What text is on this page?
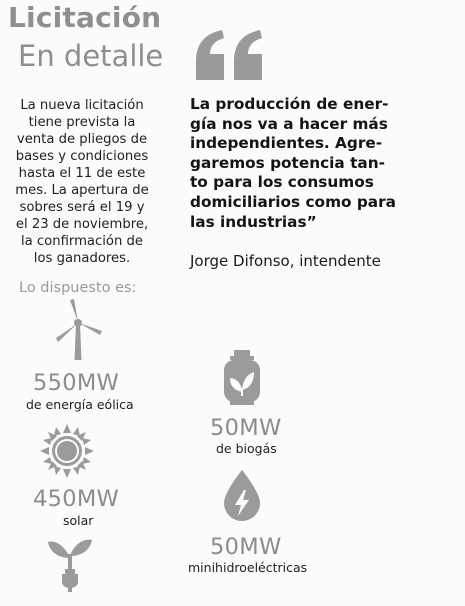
Licitación
En detalle
La nueva licitación tiene prevista la venta de pliegos de bases y condiciones hasta el 11 de este mes. La apertura de sobres será el 19 y el 23 de noviembre, la confirmación de los ganadores.
La producción de ener-
gía nos va a hacer más
independientes. Agre-
garemos potencia tan-
to para los consumos
domiciliarios como para
las industrias”
Jorge Difonso, intendente
Lo dispuesto es:
550MW
de energía eólica
450MW
solar
50MW
de biogás
50MW
minihidroeléctricas
